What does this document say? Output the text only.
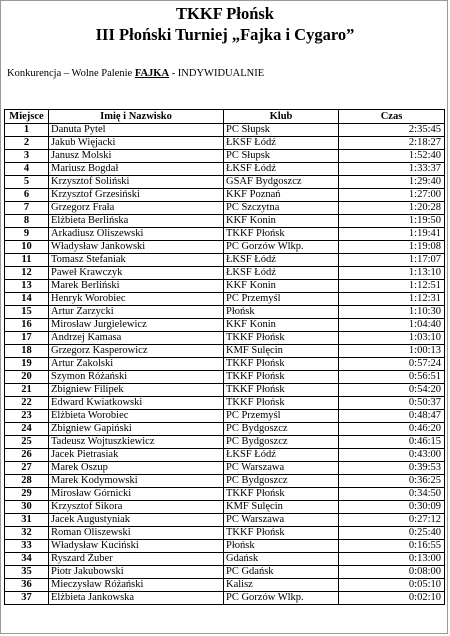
TKKF Płońsk
III Płoński Turniej „Fajka i Cygaro”
Konkurencja – Wolne Palenie FAJKA - INDYWIDUALNIE
Miejsce	Imię i Nazwisko	Klub	Czas
1	Danuta Pytel	PC Słupsk	2:35:45
2	Jakub Więjacki	ŁKSF Łódź	2:18:27
3	Janusz Molski	PC Słupsk	1:52:40
4	Mariusz Bogdał	ŁKSF Łódź	1:33:37
5	Krzysztof Soliński	GSAF Bydgoszcz	1:29:40
6	Krzysztof Grzesiński	KKF Poznań	1:27:00
7	Grzegorz Frała	PC Szczytna	1:20:28
8	Elżbieta Berlińska	KKF Konin	1:19:50
9	Arkadiusz Oliszewski	TKKF Płońsk	1:19:41
10	Władysław Jankowski	PC Gorzów Wlkp.	1:19:08
11	Tomasz Stefaniak	ŁKSF Łódź	1:17:07
12	Paweł Krawczyk	ŁKSF Łódź	1:13:10
13	Marek Berliński	KKF Konin	1:12:51
14	Henryk Worobiec	PC Przemyśl	1:12:31
15	Artur Zarzycki	Płońsk	1:10:30
16	Mirosław Jurgielewicz	KKF Konin	1:04:40
17	Andrzej Kamasa	TKKF Płońsk	1:03:10
18	Grzegorz Kasperowicz	KMF Sulęcin	1:00:13
19	Artur Zakolski	TKKF Płońsk	0:57:24
20	Szymon Różański	TKKF Płońsk	0:56:51
21	Zbigniew Filipek	TKKF Płońsk	0:54:20
22	Edward Kwiatkowski	TKKF Płońsk	0:50:37
23	Elżbieta Worobiec	PC Przemyśl	0:48:47
24	Zbigniew Gapiński	PC Bydgoszcz	0:46:20
25	Tadeusz Wojtuszkiewicz	PC Bydgoszcz	0:46:15
26	Jacek Pietrasiak	ŁKSF Łódź	0:43:00
27	Marek Oszup	PC Warszawa	0:39:53
28	Marek Kodymowski	PC Bydgoszcz	0:36:25
29	Mirosław Górnicki	TKKF Płońsk	0:34:50
30	Krzysztof Sikora	KMF Sulęcin	0:30:09
31	Jacek Augustyniak	PC Warszawa	0:27:12
32	Roman Oliszewski	TKKF Płońsk	0:25:40
33	Władysław Kuciński	Płońsk	0:16:55
34	Ryszard Żuber	Gdańsk	0:13:00
35	Piotr Jakubowski	PC Gdańsk	0:08:00
36	Mieczysław Różański	Kalisz	0:05:10
37	Elżbieta Jankowska	PC Gorzów Wlkp.	0:02:10
